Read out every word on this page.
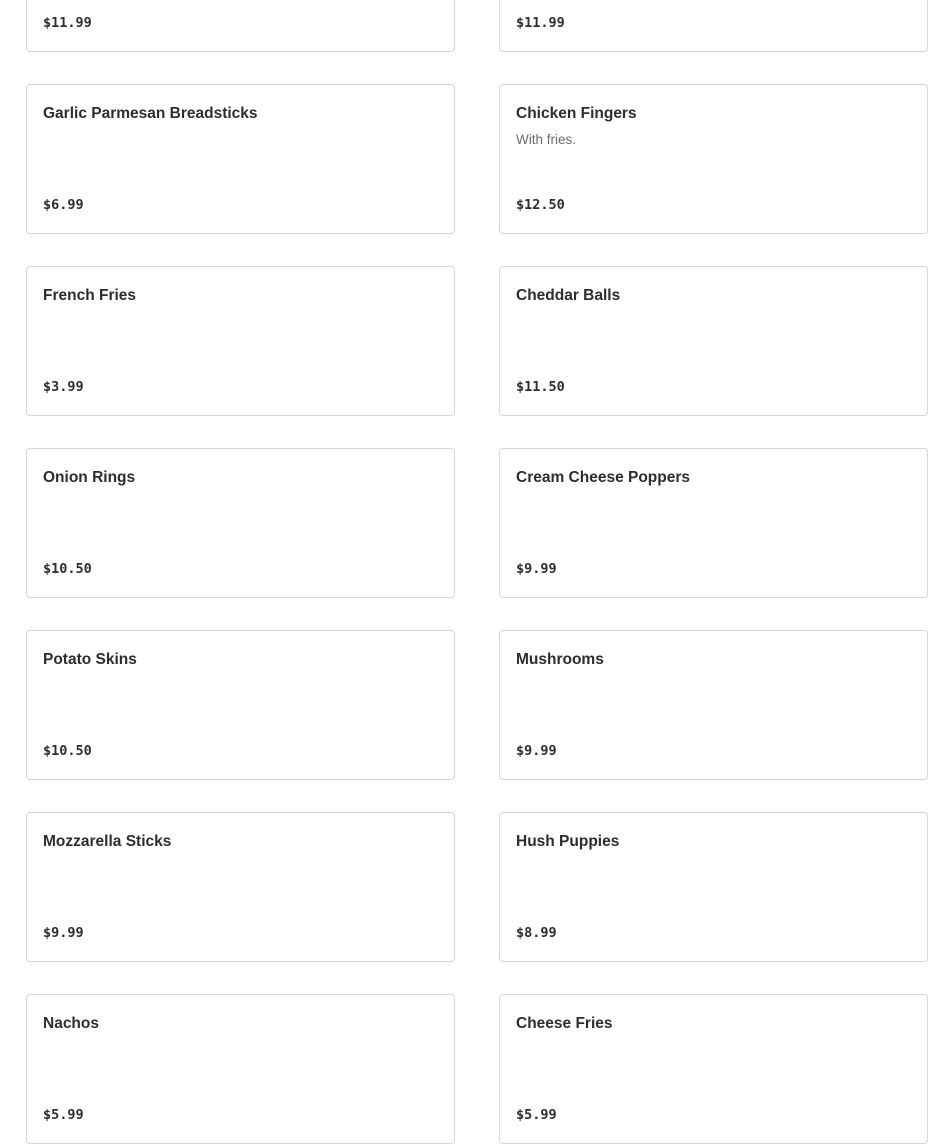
$11.99	$11.99
Garlic Parmesan Breadsticks
$6.99
Chicken Fingers
With fries.
$12.50
French Fries
$3.99
Cheddar Balls
$11.50
Onion Rings
$10.50
Cream Cheese Poppers
$9.99
Potato Skins
$10.50
Mushrooms
$9.99
Mozzarella Sticks
$9.99
Hush Puppies
$8.99
Nachos
$5.99
Cheese Fries
$5.99
